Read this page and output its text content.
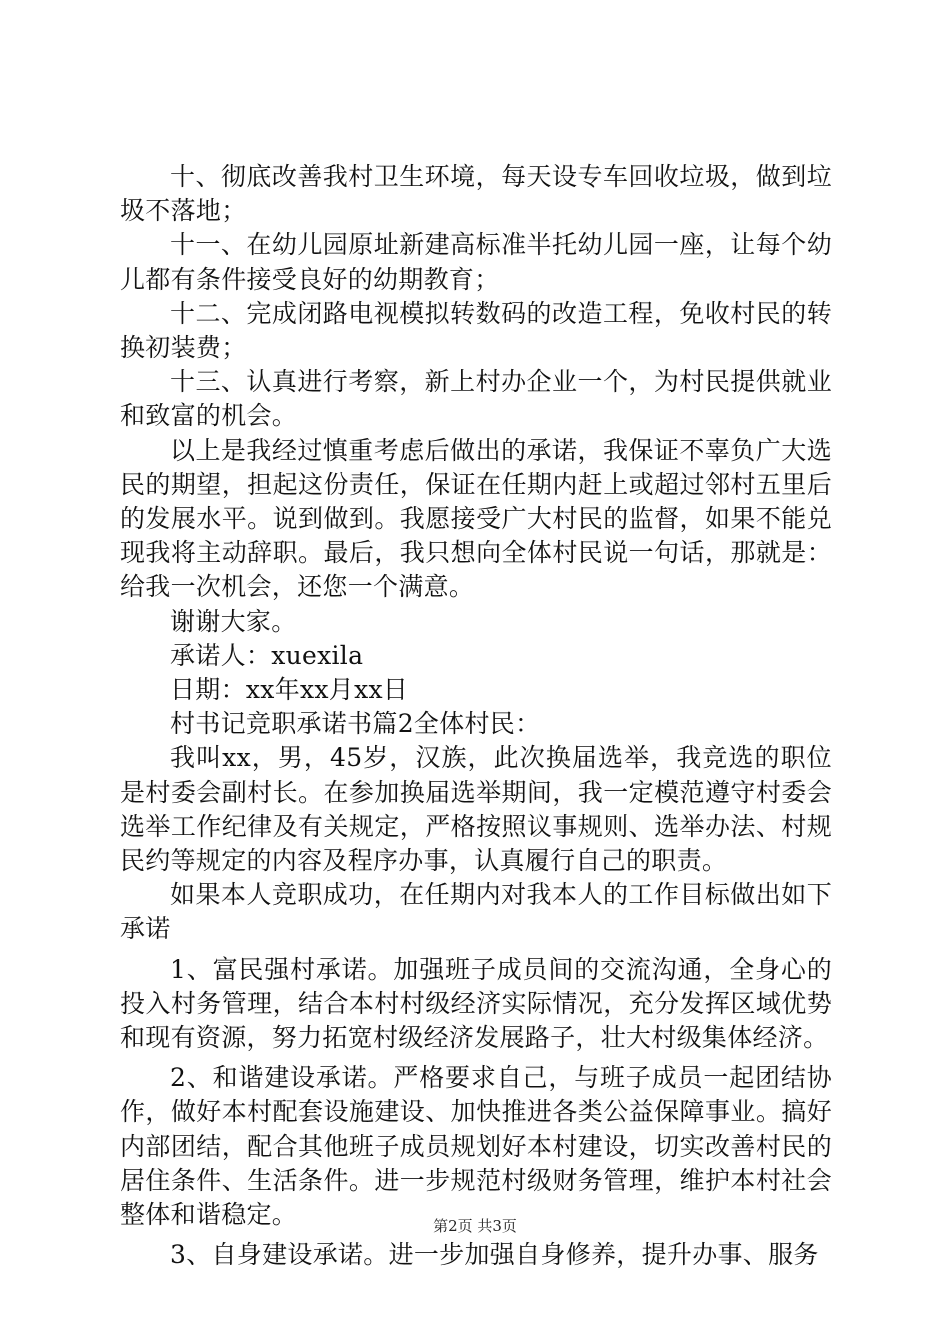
十、彻底改善我村卫生环境，每天设专车回收垃圾，做到垃圾不落地；

十一、在幼儿园原址新建高标准半托幼儿园一座，让每个幼儿都有条件接受良好的幼期教育；

十二、完成闭路电视模拟转数码的改造工程，免收村民的转换初装费；

十三、认真进行考察，新上村办企业一个，为村民提供就业和致富的机会。

以上是我经过慎重考虑后做出的承诺，我保证不辜负广大选民的期望，担起这份责任，保证在任期内赶上或超过邻村五里后的发展水平。说到做到。我愿接受广大村民的监督，如果不能兑现我将主动辞职。最后，我只想向全体村民说一句话，那就是：给我一次机会，还您一个满意。

谢谢大家。

承诺人：xuexila

日期：xx年xx月xx日

村书记竞职承诺书篇2全体村民：

我叫xx，男，45岁，汉族，此次换届选举，我竞选的职位是村委会副村长。在参加换届选举期间，我一定模范遵守村委会选举工作纪律及有关规定，严格按照议事规则、选举办法、村规民约等规定的内容及程序办事，认真履行自己的职责。

如果本人竞职成功，在任期内对我本人的工作目标做出如下承诺

1、富民强村承诺。加强班子成员间的交流沟通，全身心的投入村务管理，结合本村村级经济实际情况，充分发挥区域优势和现有资源，努力拓宽村级经济发展路子，壮大村级集体经济。

2、和谐建设承诺。严格要求自己，与班子成员一起团结协作，做好本村配套设施建设、加快推进各类公益保障事业。搞好内部团结，配合其他班子成员规划好本村建设，切实改善村民的居住条件、生活条件。进一步规范村级财务管理，维护本村社会整体和谐稳定。

3、自身建设承诺。进一步加强自身修养，提升办事、服务

第2页 共3页
